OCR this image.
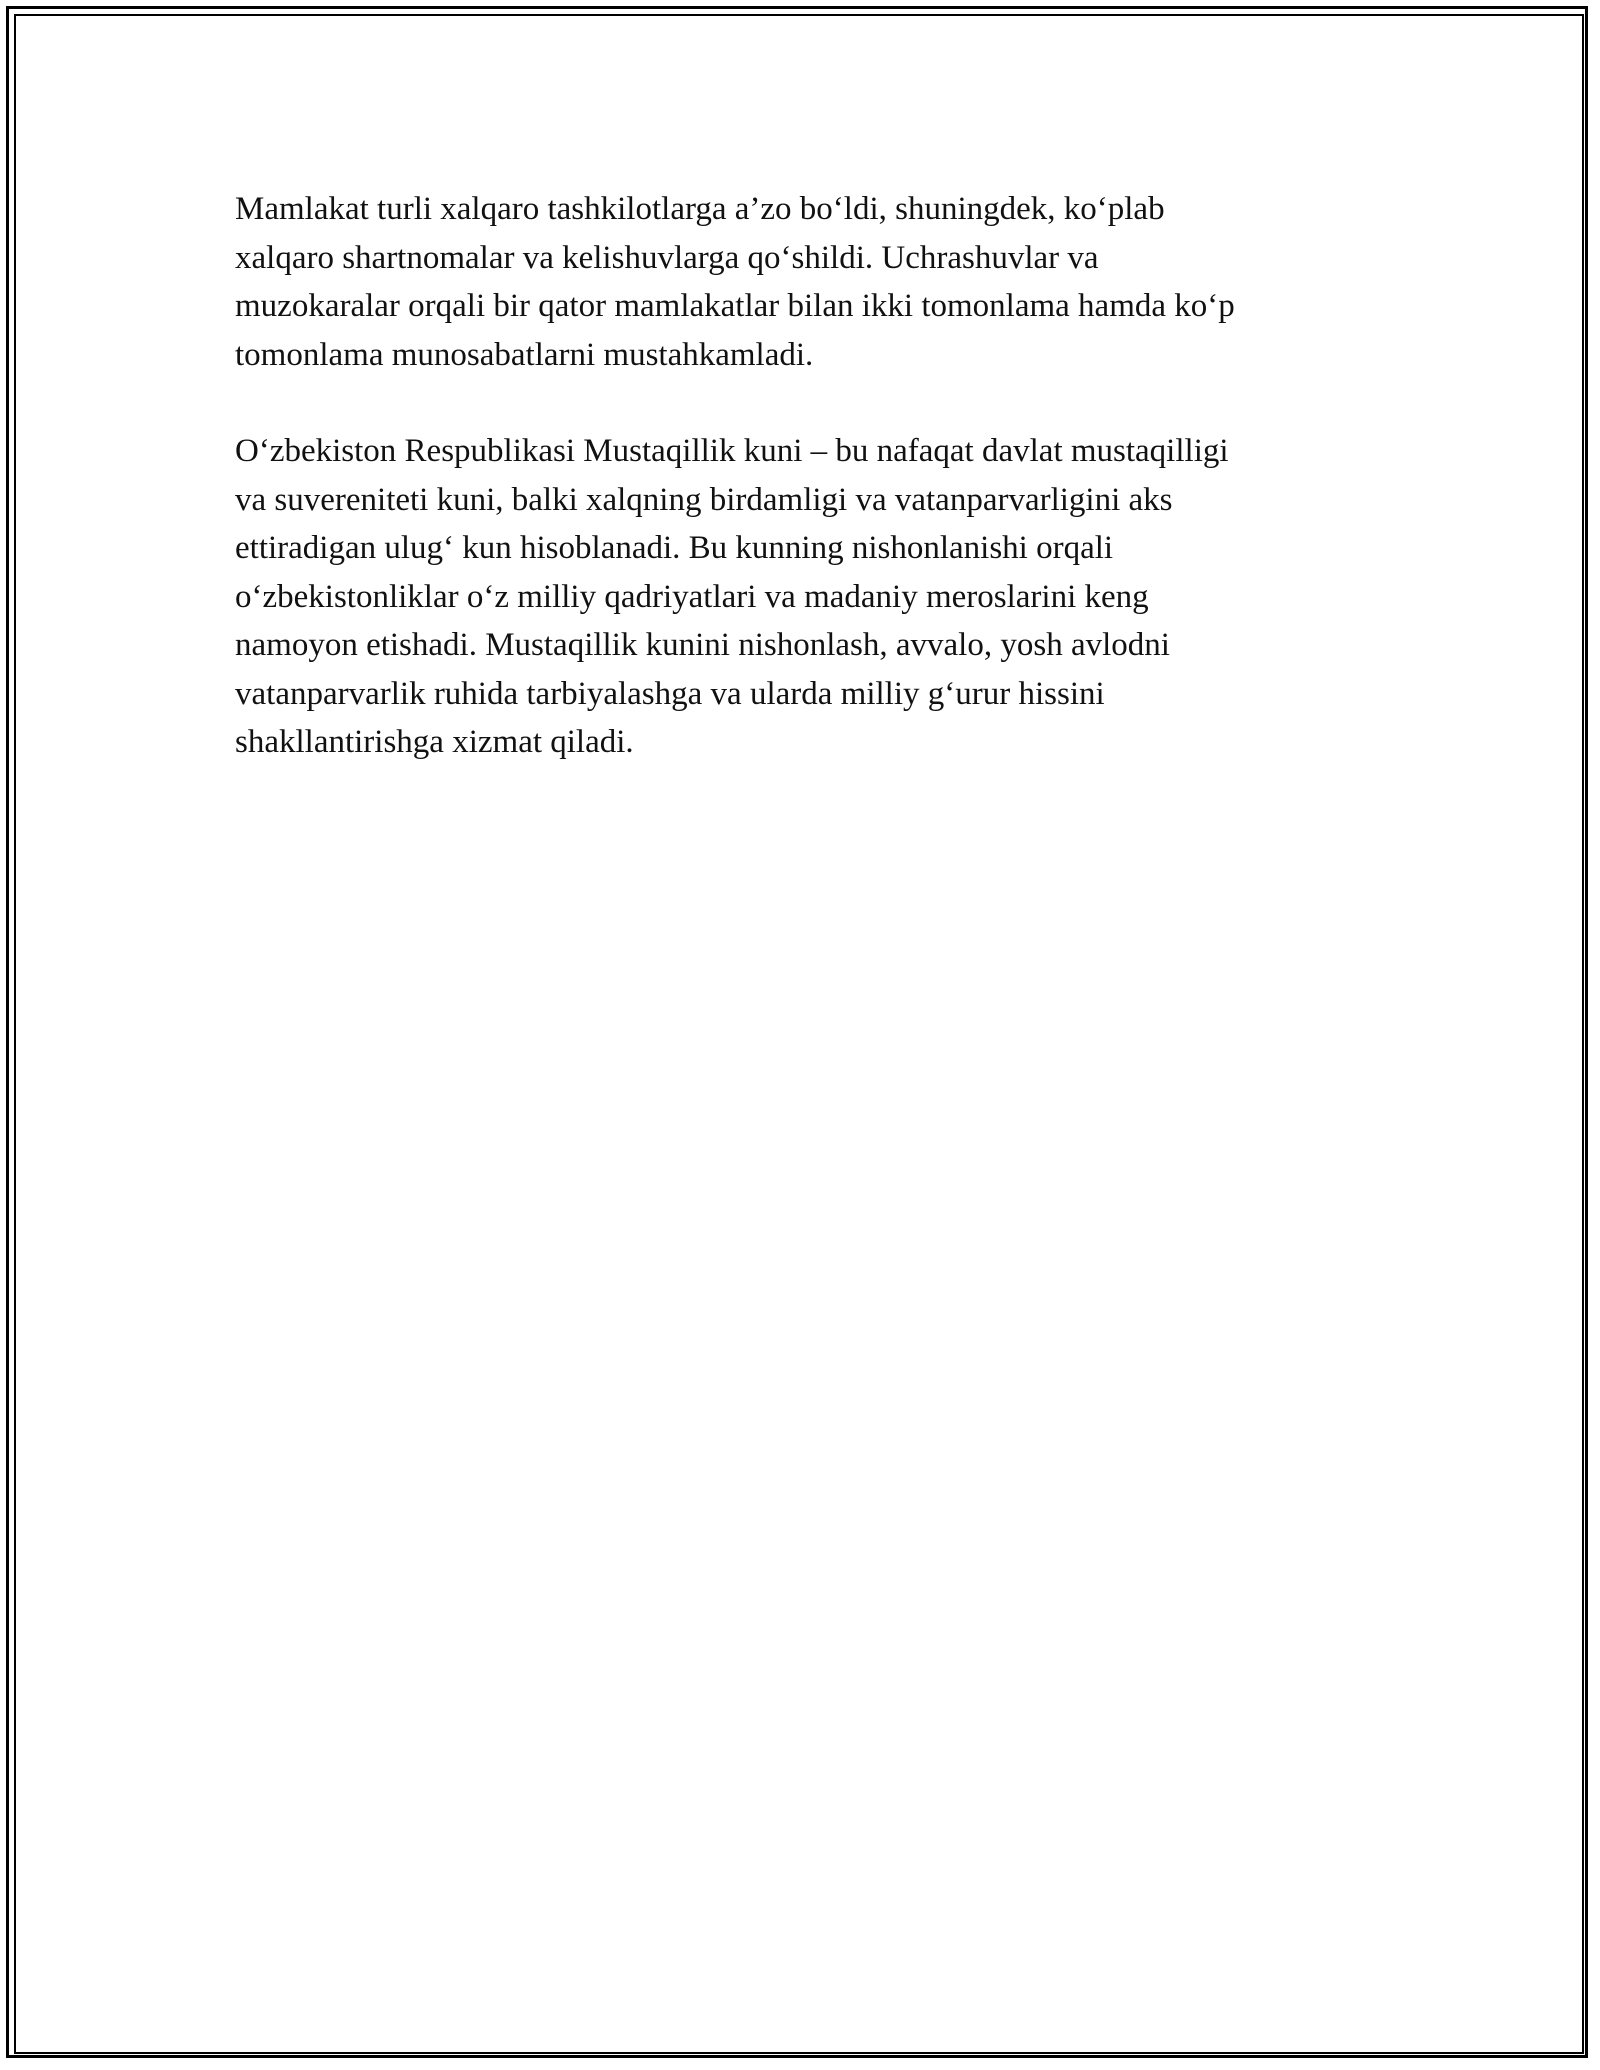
Mamlakat turli xalqaro tashkilotlarga a’zo bo‘ldi, shuningdek, ko‘plab
xalqaro shartnomalar va kelishuvlarga qo‘shildi. Uchrashuvlar va
muzokaralar orqali bir qator mamlakatlar bilan ikki tomonlama hamda ko‘p
tomonlama munosabatlarni mustahkamladi.

O‘zbekiston Respublikasi Mustaqillik kuni – bu nafaqat davlat mustaqilligi
va suvereniteti kuni, balki xalqning birdamligi va vatanparvarligini aks
ettiradigan ulug‘ kun hisoblanadi. Bu kunning nishonlanishi orqali
o‘zbekistonliklar o‘z milliy qadriyatlari va madaniy meroslarini keng
namoyon etishadi. Mustaqillik kunini nishonlash, avvalo, yosh avlodni
vatanparvarlik ruhida tarbiyalashga va ularda milliy g‘urur hissini
shakllantirishga xizmat qiladi.
